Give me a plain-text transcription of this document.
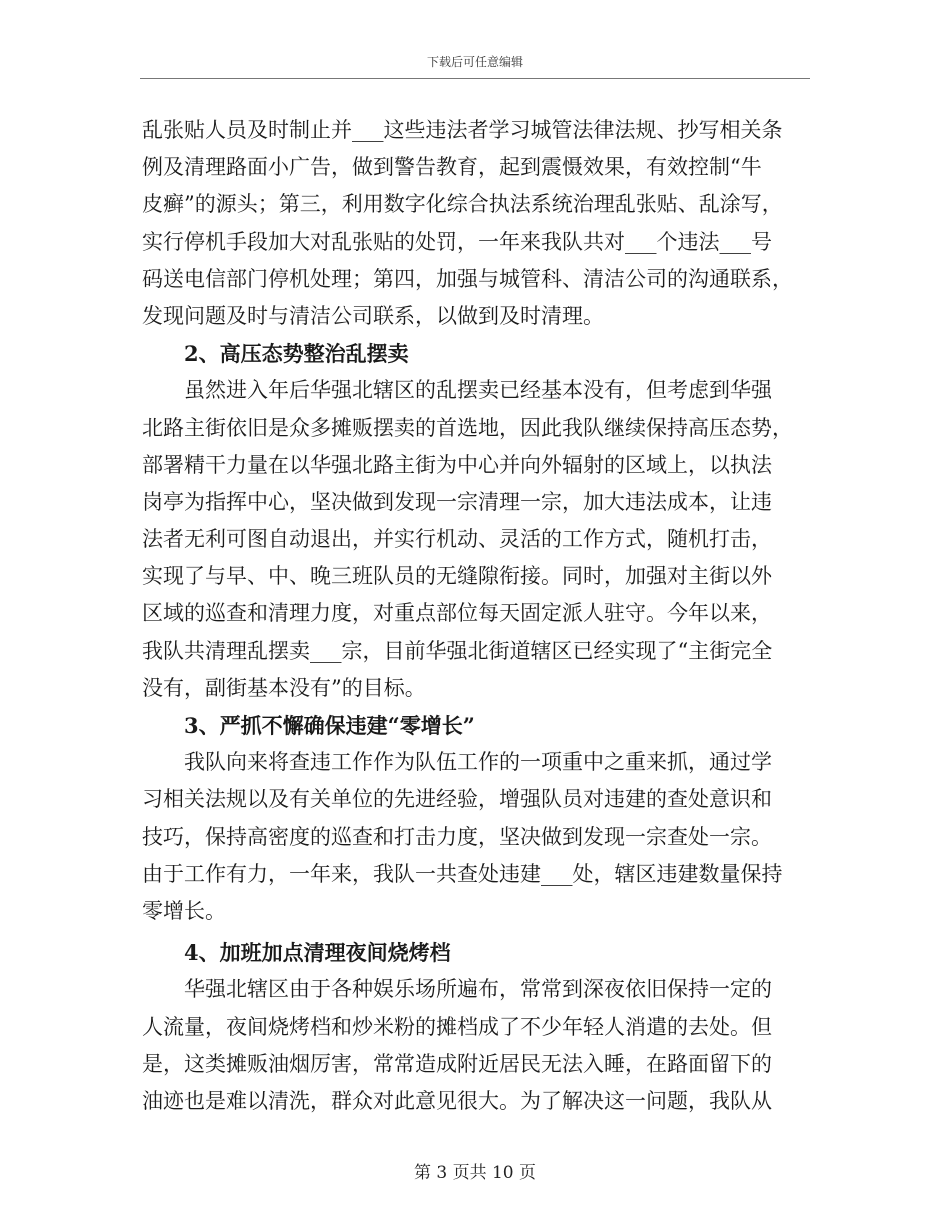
下载后可任意编辑
乱张贴人员及时制止并___这些违法者学习城管法律法规、抄写相关条
例及清理路面小广告，做到警告教育，起到震慑效果，有效控制“牛
皮癣”的源头；第三，利用数字化综合执法系统治理乱张贴、乱涂写，
实行停机手段加大对乱张贴的处罚，一年来我队共对___个违法___号
码送电信部门停机处理；第四，加强与城管科、清洁公司的沟通联系，
发现问题及时与清洁公司联系，以做到及时清理。
2、高压态势整治乱摆卖
虽然进入年后华强北辖区的乱摆卖已经基本没有，但考虑到华强
北路主街依旧是众多摊贩摆卖的首选地，因此我队继续保持高压态势，
部署精干力量在以华强北路主街为中心并向外辐射的区域上，以执法
岗亭为指挥中心，坚决做到发现一宗清理一宗，加大违法成本，让违
法者无利可图自动退出，并实行机动、灵活的工作方式，随机打击，
实现了与早、中、晚三班队员的无缝隙衔接。同时，加强对主街以外
区域的巡查和清理力度，对重点部位每天固定派人驻守。今年以来，
我队共清理乱摆卖___宗，目前华强北街道辖区已经实现了“主街完全
没有，副街基本没有”的目标。
3、严抓不懈确保违建“零增长”
我队向来将查违工作作为队伍工作的一项重中之重来抓，通过学
习相关法规以及有关单位的先进经验，增强队员对违建的查处意识和
技巧，保持高密度的巡查和打击力度，坚决做到发现一宗查处一宗。
由于工作有力，一年来，我队一共查处违建___处，辖区违建数量保持
零增长。
4、加班加点清理夜间烧烤档
华强北辖区由于各种娱乐场所遍布，常常到深夜依旧保持一定的
人流量，夜间烧烤档和炒米粉的摊档成了不少年轻人消遣的去处。但
是，这类摊贩油烟厉害，常常造成附近居民无法入睡，在路面留下的
油迹也是难以清洗，群众对此意见很大。为了解决这一问题，我队从
第 3 页共 10 页
